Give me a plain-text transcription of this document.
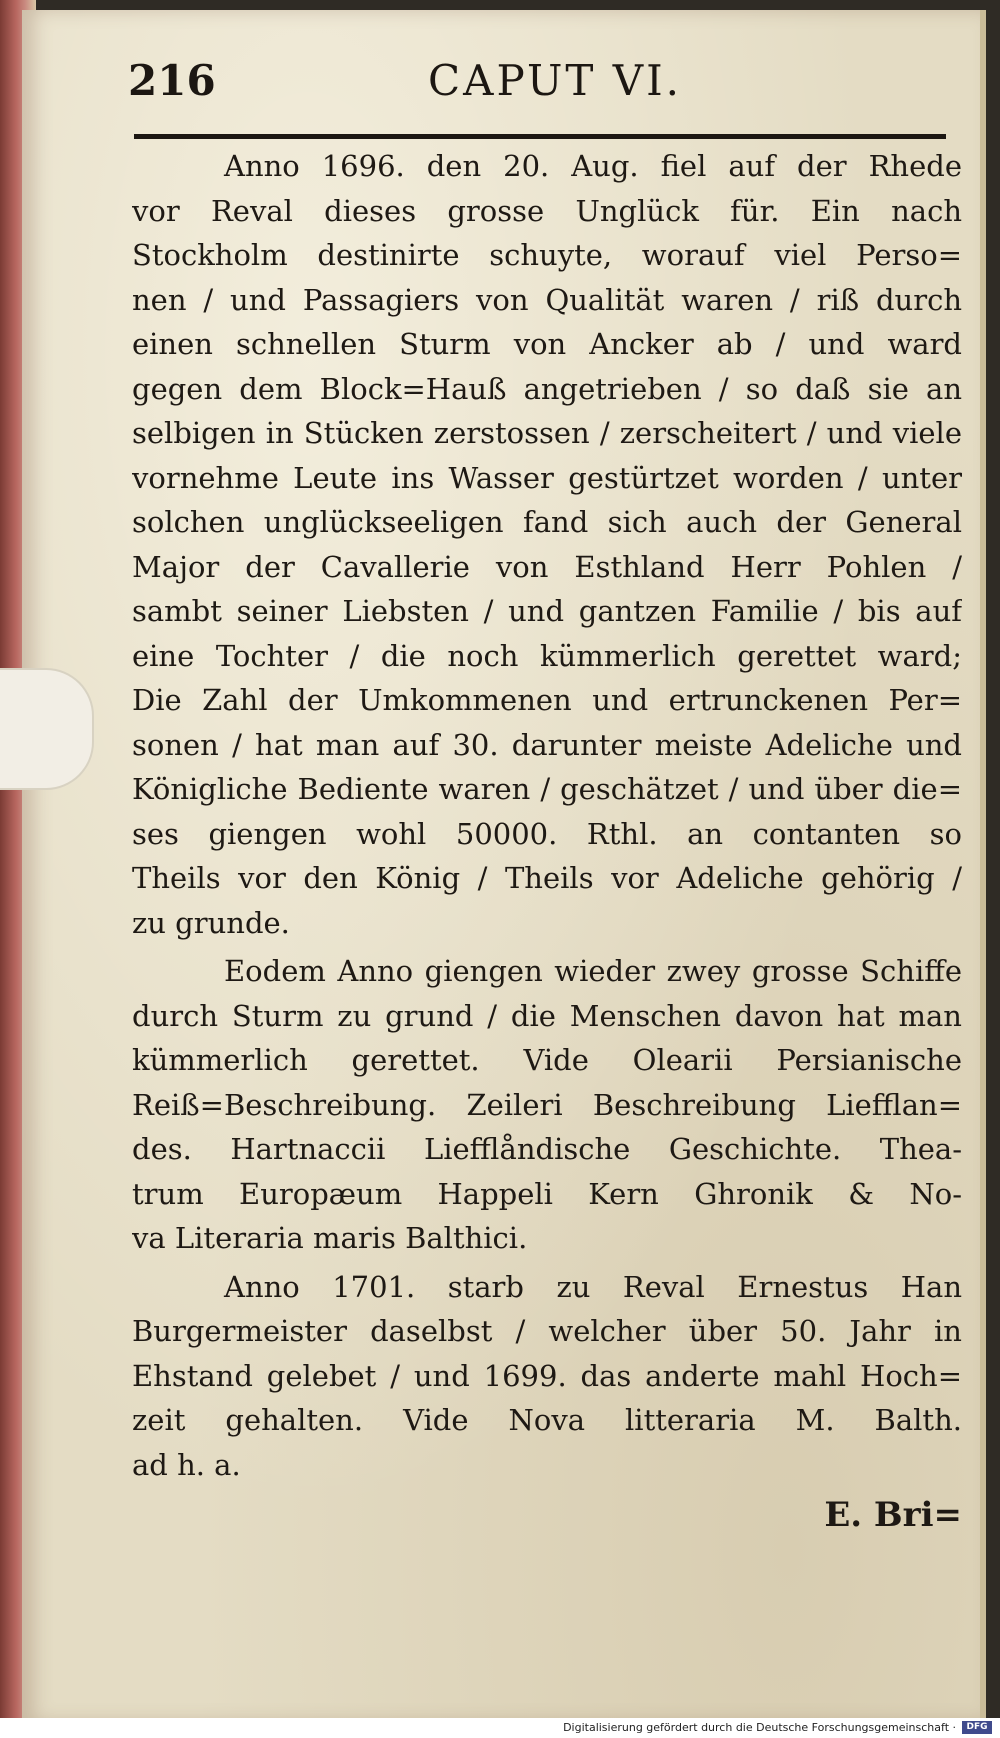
216	CAPUT VI.
Anno 1696. den 20. Aug. fiel auf der Rhede
vor Reval dieses grosse Unglück für. Ein nach
Stockholm destinirte schuyte, worauf viel Perso=
nen / und Passagiers von Qualität waren / riß durch
einen schnellen Sturm von Ancker ab / und ward
gegen dem Block=Hauß angetrieben / so daß sie an
selbigen in Stücken zerstossen / zerscheitert / und viele
vornehme Leute ins Wasser gestürtzet worden / unter
solchen unglückseeligen fand sich auch der General
Major der Cavallerie von Esthland Herr Pohlen /
sambt seiner Liebsten / und gantzen Familie / bis auf
eine Tochter / die noch kümmerlich gerettet ward;
Die Zahl der Umkommenen und ertrunckenen Per=
sonen / hat man auf 30. darunter meiste Adeliche und
Königliche Bediente waren / geschätzet / und über die=
ses giengen wohl 50000. Rthl. an contanten so
Theils vor den König / Theils vor Adeliche gehörig /
zu grunde.
Eodem Anno giengen wieder zwey grosse Schiffe
durch Sturm zu grund / die Menschen davon hat man
kümmerlich gerettet. Vide Olearii Persianische
Reiß=Beschreibung. Zeileri Beschreibung Liefflan=
des. Hartnaccii Liefflåndische Geschichte. Thea-
trum Europæum Happeli Kern Ghronik & No-
va Literaria maris Balthici.
Anno 1701. starb zu Reval Ernestus Han
Burgermeister daselbst / welcher über 50. Jahr in
Ehstand gelebet / und 1699. das anderte mahl Hoch=
zeit gehalten. Vide Nova litteraria M. Balth.
ad h. a.
E. Bri=
Digitalisierung gefördert durch die Deutsche Forschungsgemeinschaft ·	DFG
